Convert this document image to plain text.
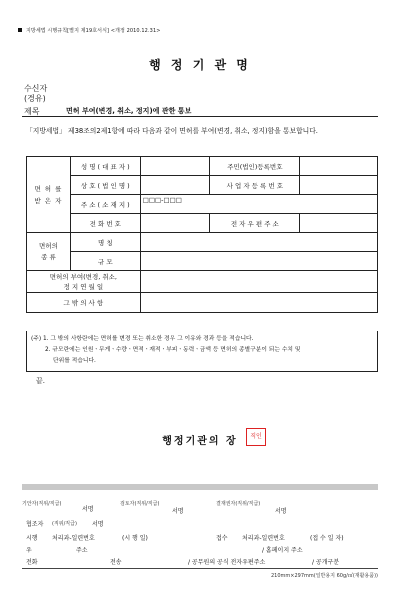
지방세법 시행규칙[별지 제19호서식] <개정 2010.12.31>
행 정 기 관 명
수신자
(경유)
제목	면허 부여(변경, 취소, 정지)에 관한 통보
「지방세법」 제38조의2제1항에 따라 다음과 같이 면허를 부여(변경, 취소, 정지)함을 통보합니다.
면 허 를
받 은 자	성 명 ( 대 표 자 )		주민(법인)등록번호	
	상 호 ( 법 인 명 )		사 업 자 등 록 번 호	
	주 소 ( 소 재 지 )	□□□-□□□		
	전 화 번 호		전 자 우 편 주 소	
면허의
종 류	명 칭			
	규 모			
면허의 부여(변경, 취소,
정 지 연 월 일				
그 밖 의 사 항				
(주) 1. 그 밖의 사항란에는 면허를 변경 또는 취소한 경우 그 이유와 경과 등을 적습니다.
2. 규모란에는 인원ㆍ무게ㆍ수량ㆍ면적ㆍ재적ㆍ부피ㆍ동력ㆍ금액 등 면허의 종별구분이 되는 수치 및
단위를 적습니다.
끝.
행정기관의 장	직인
기안자(직위/직급)
서명
검토자(직위/직급)
서명
결재권자(직위/직급)
서명
협조자 (직위/직급)	서명
시행 처리과-일련번호	(시 행 일)	접수 처리과-일련번호	(접 수 일 자)
우	주소	/ 홈페이지 주소
전화	전송	/ 공무원의 공식 전자우편주소	/ 공개구분
210mm×297mm(일반용지 60g/㎡(재활용품))
